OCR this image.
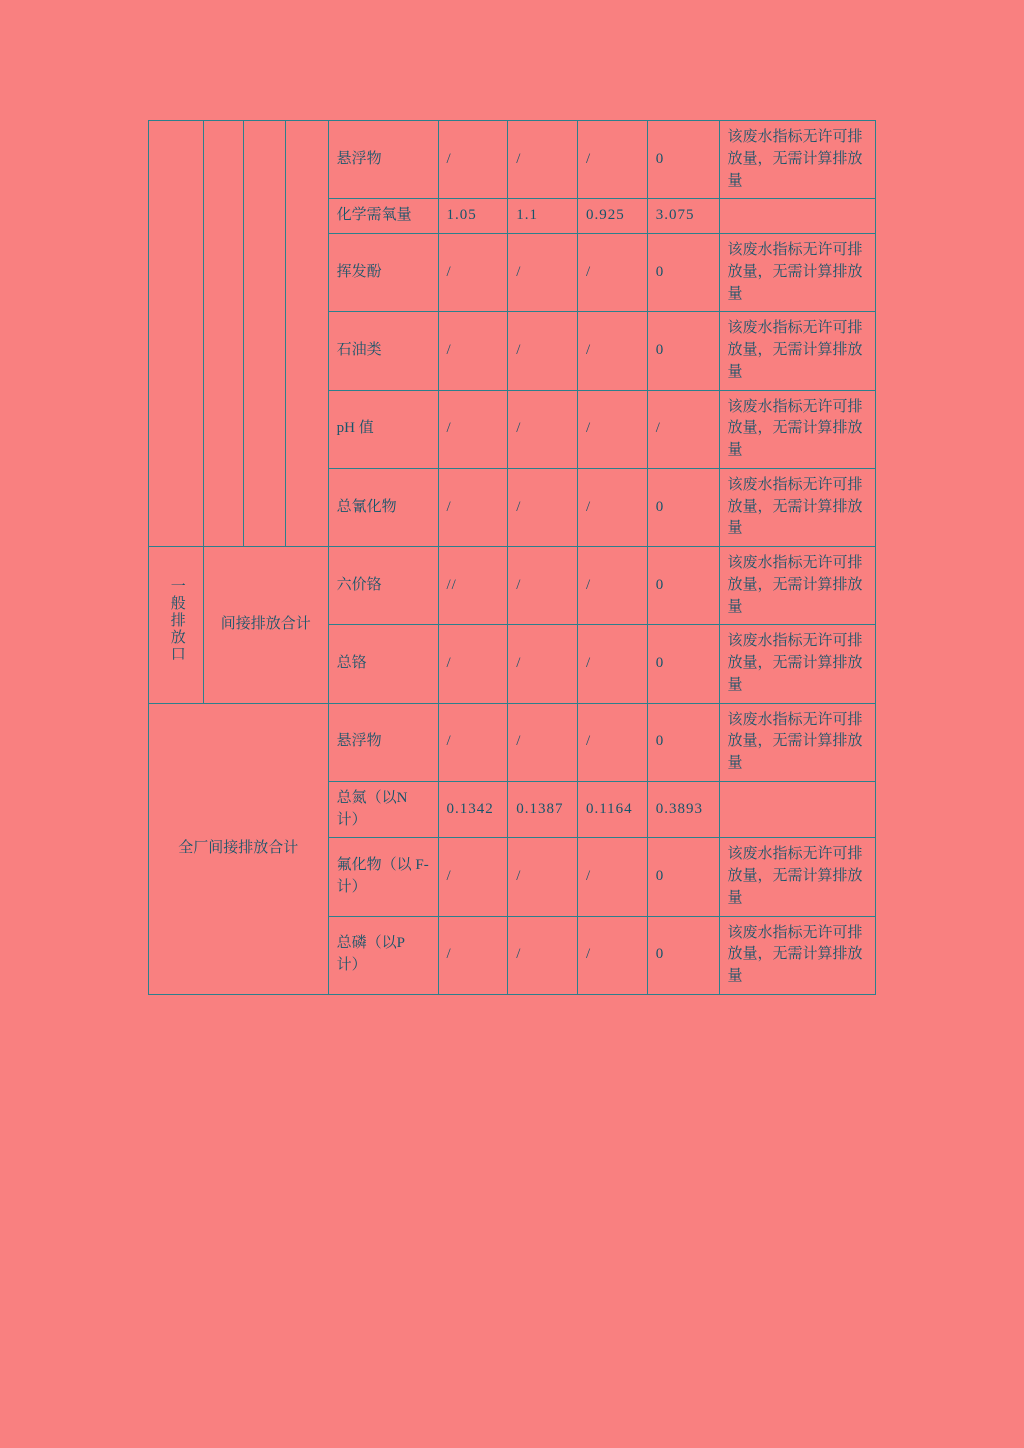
				悬浮物	/	/	/	0	该废水指标无许可排放量，无需计算排放量
				化学需氧量	1.05	1.1	0.925	3.075	
				挥发酚	/	/	/	0	该废水指标无许可排放量，无需计算排放量
				石油类	/	/	/	0	该废水指标无许可排放量，无需计算排放量
				pH 值	/	/	/	/	该废水指标无许可排放量，无需计算排放量
				总氰化物	/	/	/	0	该废水指标无许可排放量，无需计算排放量
一般排放口	间接排放合计			六价铬	//	/	/	0	该废水指标无许可排放量，无需计算排放量
				总铬	/	/	/	0	该废水指标无许可排放量，无需计算排放量
全厂间接排放合计				悬浮物	/	/	/	0	该废水指标无许可排放量，无需计算排放量
				总氮（以N 计）	0.1342	0.1387	0.1164	0.3893	
				氟化物（以 F-计）	/	/	/	0	该废水指标无许可排放量，无需计算排放量
				总磷（以P 计）	/	/	/	0	该废水指标无许可排放量，无需计算排放量
